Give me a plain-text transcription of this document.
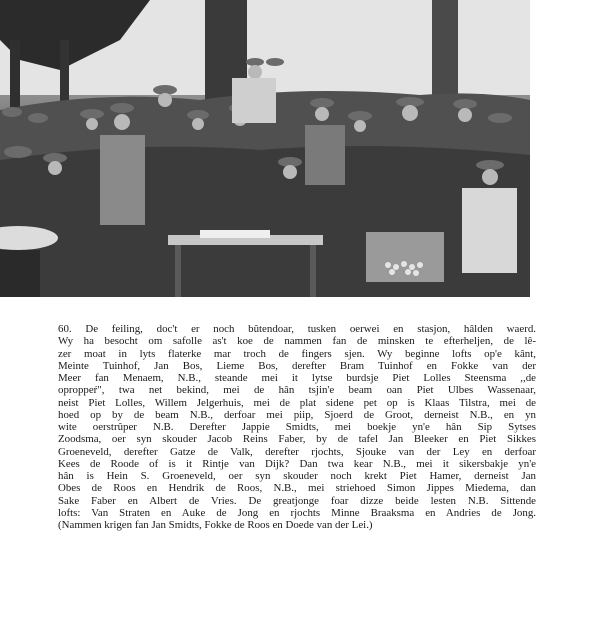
60. De feiling, doc't er noch bûtendoar, tusken oerwei en stasjon, hâlden waerd.
Wy ha besocht om safolle as't koe de nammen fan de minsken te efterheljen, de lê-
zer moat in lyts flaterke mar troch de fingers sjen. Wy beginne lofts op'e kânt,
Meinte Tuinhof, Jan Bos, Lieme Bos, derefter Bram Tuinhof en Fokke van der
Meer fan Menaem, N.B., steande mei it lytse burdsje Piet Lolles Steensma ,,de
oproppeŕ", twa net bekind, mei de hân tsjin'e beam oan Piet Ulbes Wassenaar,
neist Piet Lolles, Willem Jelgerhuis, mei de plat sidene pet op is Klaas Tilstra, mei de
hoed op by de beam N.B., derfoar mei piip, Sjoerd de Groot, derneist N.B., en yn
wite oerstrûper N.B. Derefter Jappie Smidts, mei boekje yn'e hân Sip Sytses
Zoodsma, oer syn skouder Jacob Reins Faber, by de tafel Jan Bleeker en Piet Sikkes
Groeneveld, derefter Gatze de Valk, derefter rjochts, Sjouke van der Ley en derfoar
Kees de Roode of is it Rintje van Dijk? Dan twa kear N.B., mei it sikersbakje yn'e
hân is Hein S. Groeneveld, oer syn skouder noch krekt Piet Hamer, derneist Jan
Obes de Roos en Hendrik de Roos, N.B., mei striehoed Simon Jippes Miedema, dan
Sake Faber en Albert de Vries. De greatjonge foar dizze beide lesten N.B. Sittende
lofts: Van Straten en Auke de Jong en rjochts Minne Braaksma en Andries de Jong.
(Nammen krigen fan Jan Smidts, Fokke de Roos en Doede van der Lei.)
